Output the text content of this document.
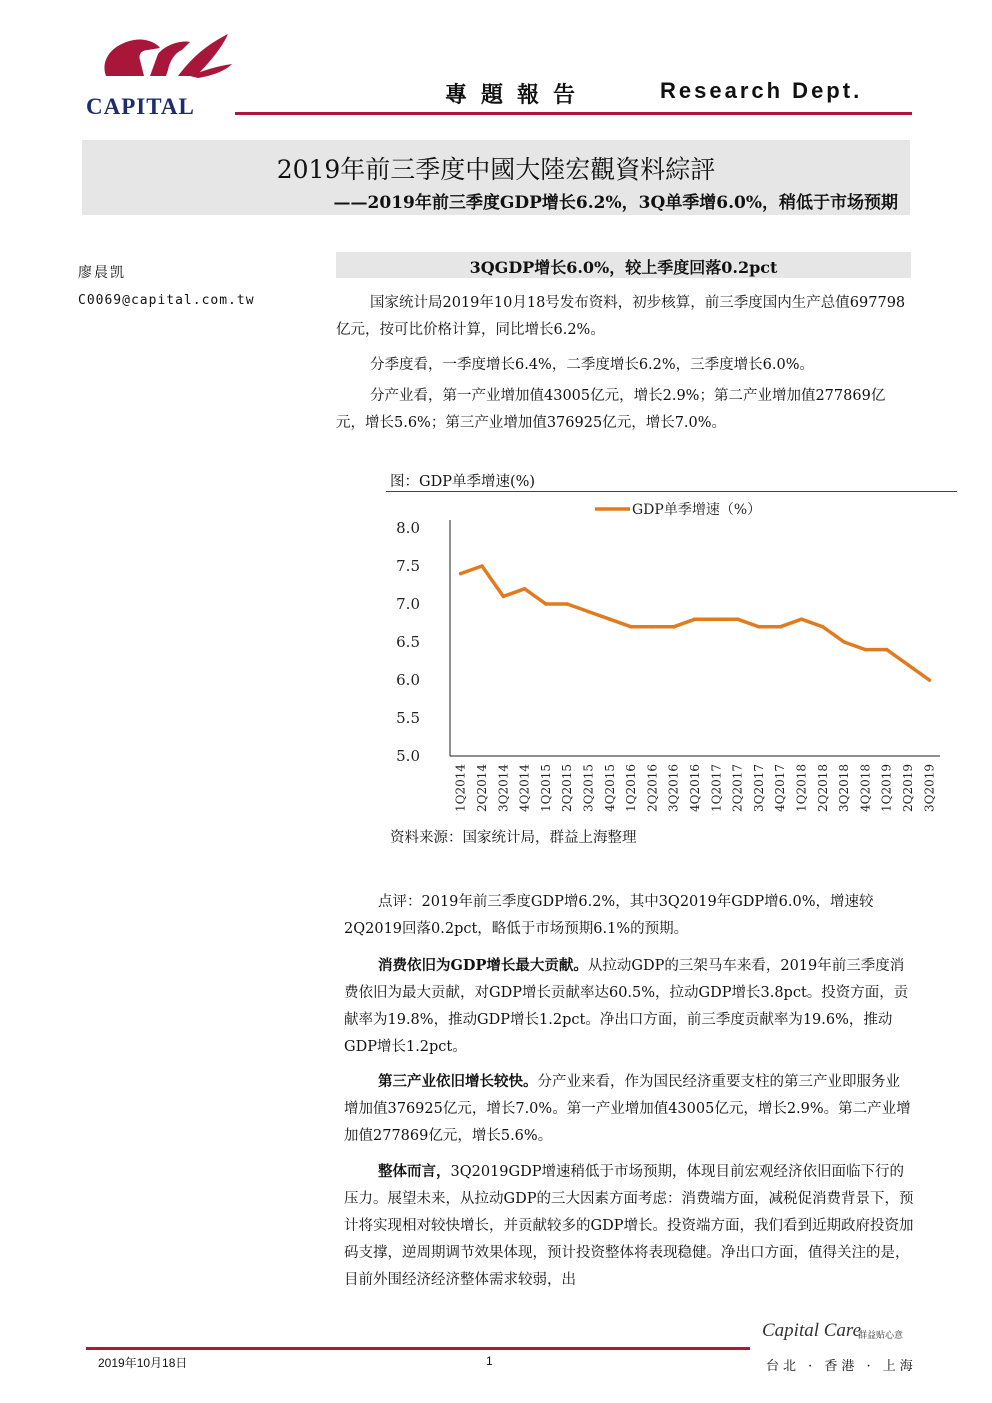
CAPITAL	專題報告	Research Dept.
2019年前三季度中國大陸宏觀資料綜評
——2019年前三季度GDP增长6.2%，3Q单季增6.0%，稍低于市场预期
廖晨凯
C0069@capital.com.tw
3QGDP增长6.0%，较上季度回落0.2pct
国家统计局2019年10月18号发布资料，初步核算，前三季度国内生产总值697798亿元，按可比价格计算，同比增长6.2%。
分季度看，一季度增长6.4%，二季度增长6.2%，三季度增长6.0%。
分产业看，第一产业增加值43005亿元，增长2.9%；第二产业增加值277869亿元，增长5.6%；第三产业增加值376925亿元，增长7.0%。
图：GDP单季增速(%)
8.0
7.5
7.0
6.5
6.0
5.5
5.0
1Q2014 2Q2014 3Q2014 4Q2014 1Q2015 2Q2015 3Q2015 4Q2015 1Q2016 2Q2016 3Q2016 4Q2016 1Q2017 2Q2017 3Q2017 4Q2017 1Q2018 2Q2018 3Q2018 4Q2018 1Q2019 2Q2019 3Q2019
GDP单季增速（%）
资料来源：国家统计局，群益上海整理
点评：2019年前三季度GDP增6.2%，其中3Q2019年GDP增6.0%，增速较2Q2019回落0.2pct，略低于市场预期6.1%的预期。
消费依旧为GDP增长最大贡献。从拉动GDP的三架马车来看，2019年前三季度消费依旧为最大贡献，对GDP增长贡献率达60.5%，拉动GDP增长3.8pct。投资方面，贡献率为19.8%，推动GDP增长1.2pct。净出口方面，前三季度贡献率为19.6%，推动GDP增长1.2pct。
第三产业依旧增长较快。分产业来看，作为国民经济重要支柱的第三产业即服务业增加值376925亿元，增长7.0%。第一产业增加值43005亿元，增长2.9%。第二产业增加值277869亿元，增长5.6%。
整体而言，3Q2019GDP增速稍低于市场预期，体现目前宏观经济依旧面临下行的压力。展望未来，从拉动GDP的三大因素方面考虑：消费端方面，减税促消费背景下，预计将实现相对较快增长，并贡献较多的GDP增长。投资端方面，我们看到近期政府投资加码支撑，逆周期调节效果体现，预计投资整体将表现稳健。净出口方面，值得关注的是，目前外围经济经济整体需求较弱，出
Capital Care
群益贴心意
2019年10月18日	1	台北 · 香港 · 上海
